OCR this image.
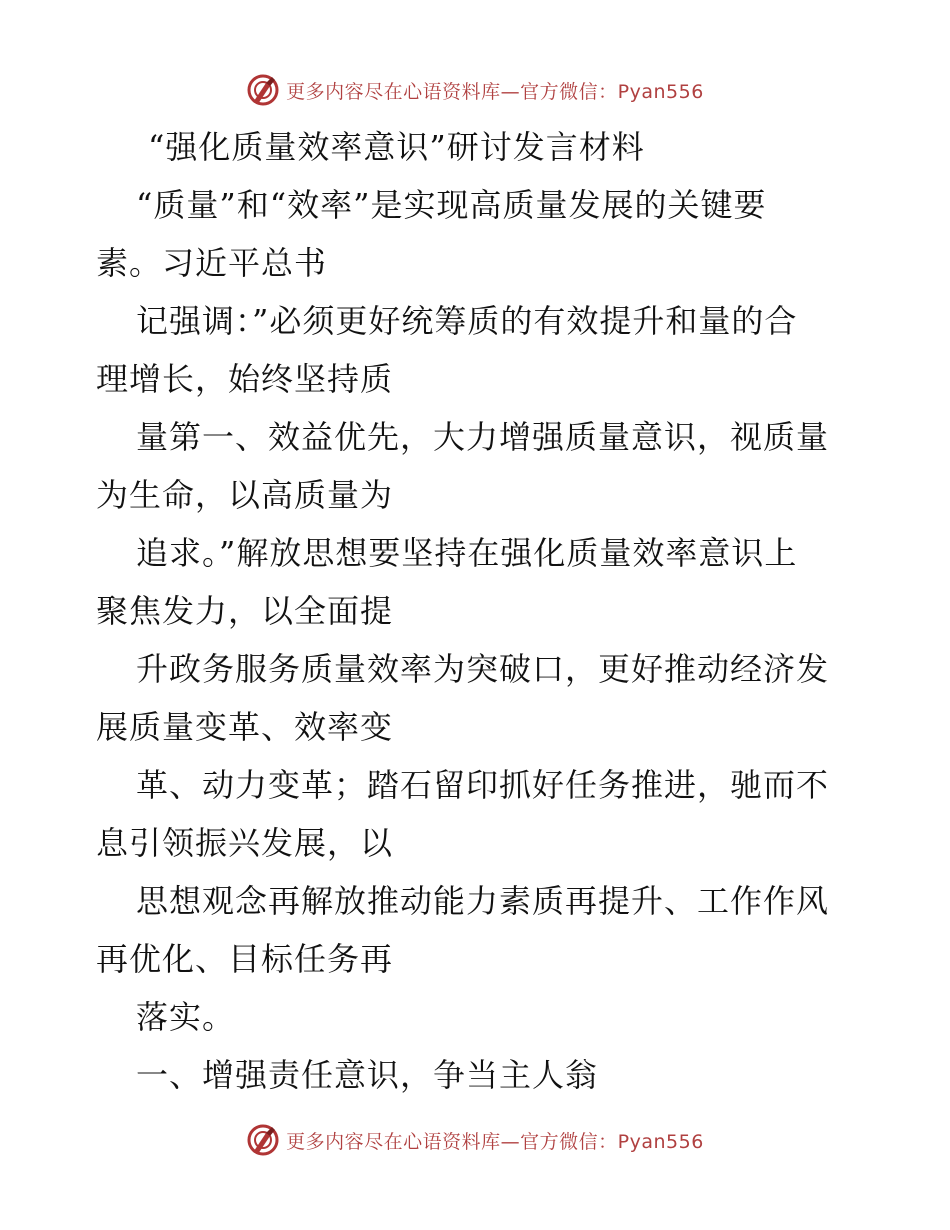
更多内容尽在心语资料库—官方微信：Pyan556
“强化质量效率意识”研讨发言材料
“质量”和“效率”是实现高质量发展的关键要
素。习近平总书
记强调：”必须更好统筹质的有效提升和量的合
理增长，始终坚持质
量第一、效益优先，大力增强质量意识，视质量
为生命，以高质量为
追求。”解放思想要坚持在强化质量效率意识上
聚焦发力，以全面提
升政务服务质量效率为突破口，更好推动经济发
展质量变革、效率变
革、动力变革；踏石留印抓好任务推进，驰而不
息引领振兴发展，以
思想观念再解放推动能力素质再提升、工作作风
再优化、目标任务再
落实。
一、增强责任意识，争当主人翁
更多内容尽在心语资料库—官方微信：Pyan556
